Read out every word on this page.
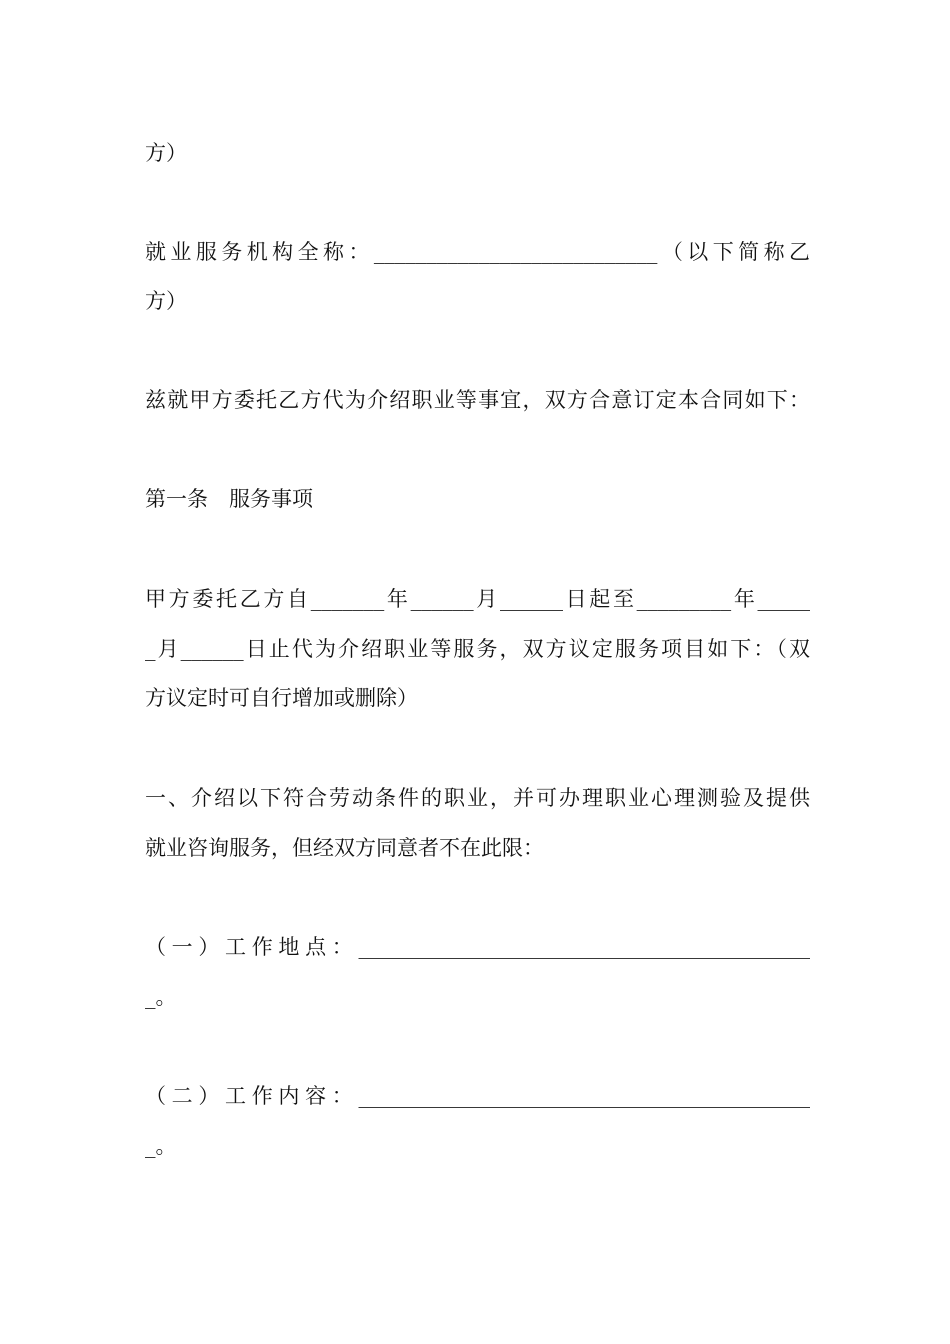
方）
就业服务机构全称：___________________________（以下简称乙
方）
兹就甲方委托乙方代为介绍职业等事宜，双方合意订定本合同如下：
第一条　服务事项
甲方委托乙方自_______年______月______日起至_________年_____
_月______日止代为介绍职业等服务，双方议定服务项目如下：（双
方议定时可自行增加或删除）
一、介绍以下符合劳动条件的职业，并可办理职业心理测验及提供
就业咨询服务，但经双方同意者不在此限：
（一）工作地点：___________________________________________
_。
（二）工作内容：___________________________________________
_。
